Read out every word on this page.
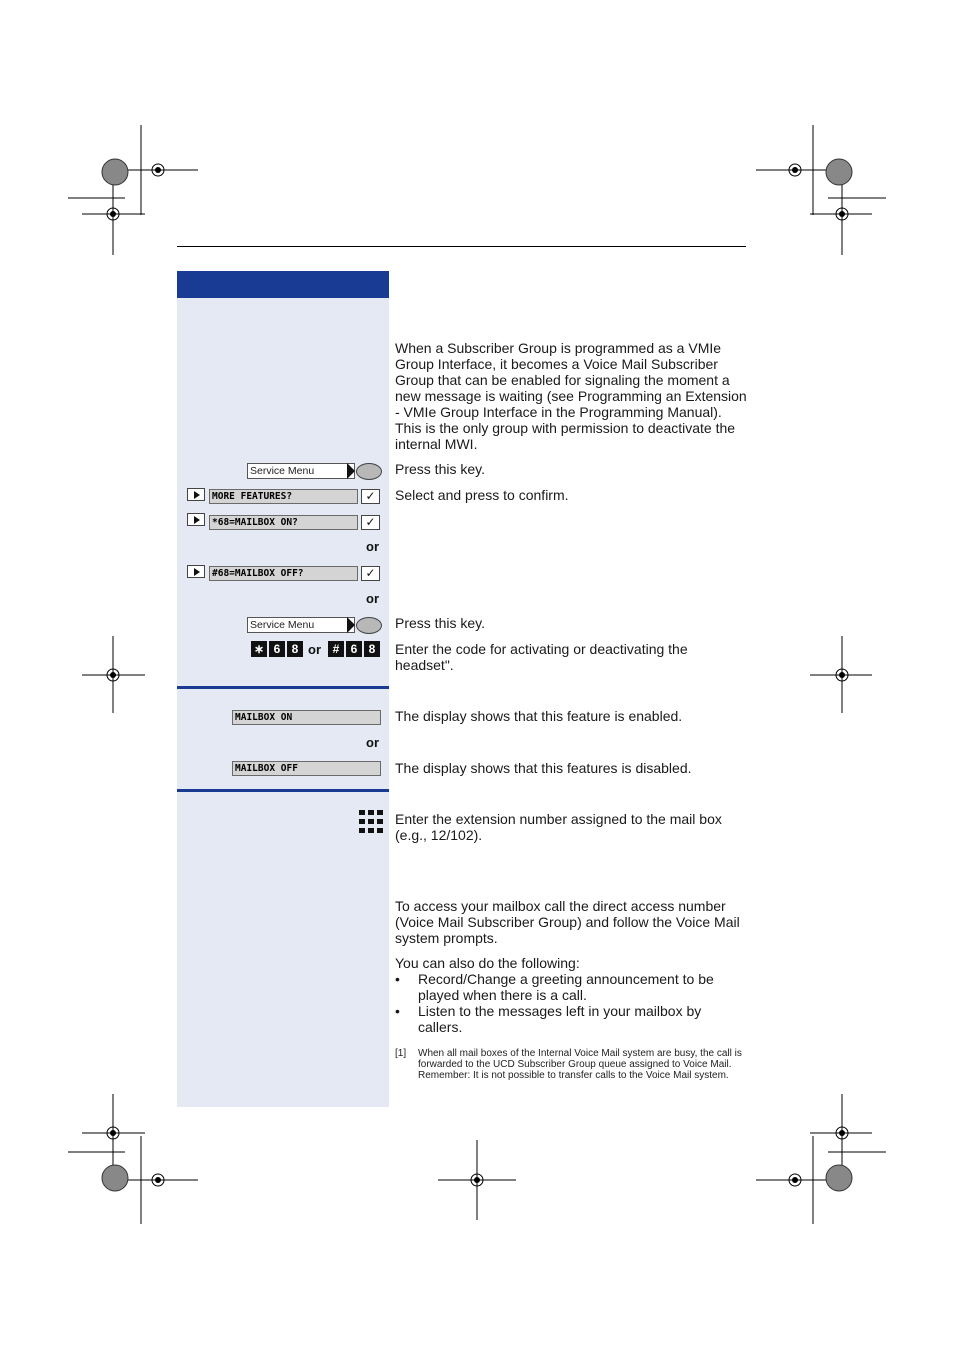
When a Subscriber Group is programmed as a VMIe Group Interface, it becomes a Voice Mail Subscriber Group that can be enabled for signaling the moment a new message is waiting (see Programming an Extension - VMIe Group Interface in the Programming Manual). This is the only group with permission to deactivate the internal MWI.
Service Menu	Press this key.
MORE FEATURES?	✓	Select and press to confirm.
*68=MAILBOX ON?	✓
or
#68=MAILBOX OFF?	✓
or
Service Menu	Press this key.
∗ 6 8 or # 6 8	Enter the code for activating or deactivating the headset".
MAILBOX ON	The display shows that this feature is enabled.
or
MAILBOX OFF	The display shows that this features is disabled.
Enter the extension number assigned to the mail box (e.g., 12/102).
To access your mailbox call the direct access number (Voice Mail Subscriber Group) and follow the Voice Mail system prompts.
You can also do the following:
• Record/Change a greeting announcement to be played when there is a call.
• Listen to the messages left in your mailbox by callers.
[1] When all mail boxes of the Internal Voice Mail system are busy, the call is forwarded to the UCD Subscriber Group queue assigned to Voice Mail.
Remember: It is not possible to transfer calls to the Voice Mail system.
